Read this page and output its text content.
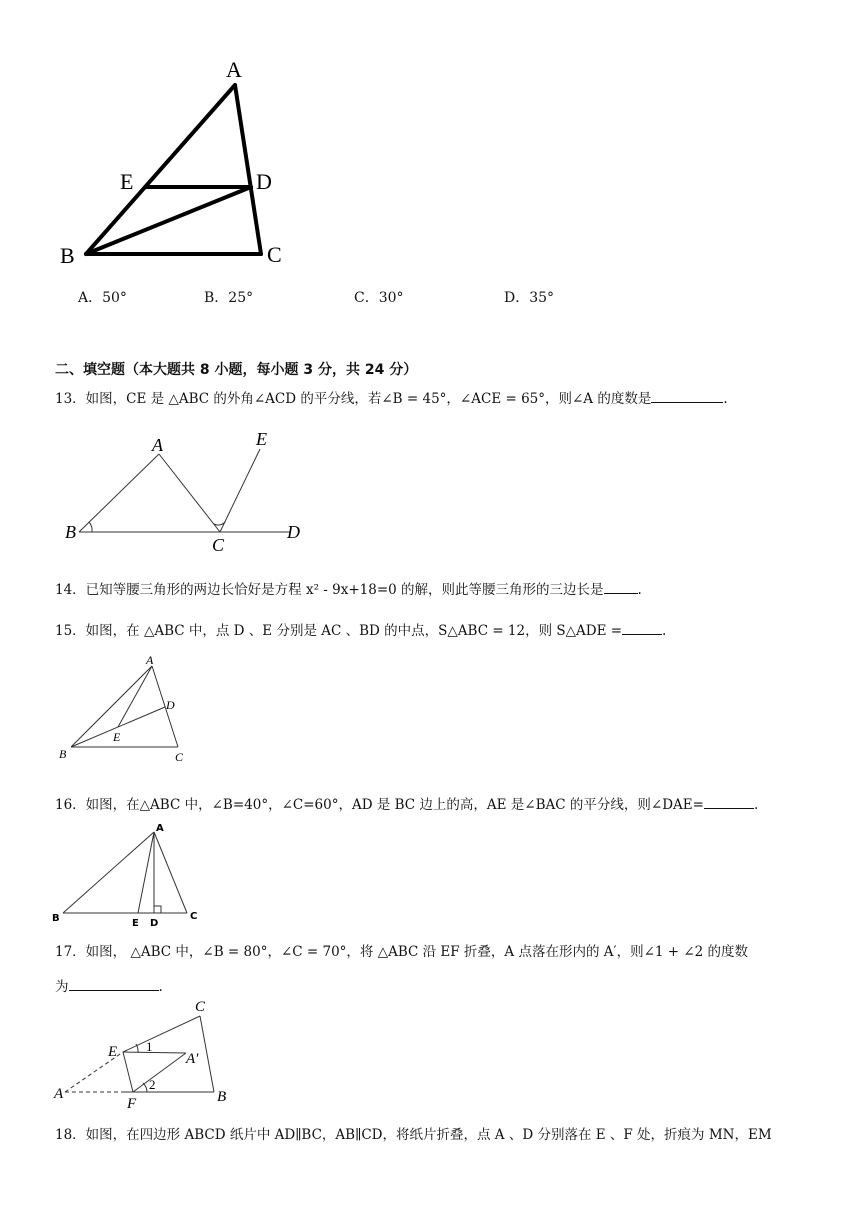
A
E	D
B	C
A．50°	B．25°	C．30°	D．35°
二、填空题（本大题共 8 小题，每小题 3 分，共 24 分）
13．如图，CE 是 △ABC 的外角∠ACD 的平分线，若∠B = 45°，∠ACE = 65°，则∠A 的度数是	.
A	E
B
C
D
14．已知等腰三角形的两边长恰好是方程 x² - 9x+18=0 的解，则此等腰三角形的三边长是	.
15．如图，在 △ABC 中，点 D 、E 分别是 AC 、BD 的中点，S△ABC = 12，则 S△ADE =	.
A
D
E
B	C
16．如图，在△ABC 中，∠B=40°，∠C=60°，AD 是 BC 边上的高，AE 是∠BAC 的平分线，则∠DAE=	.
A
B	E D
C
17．如图， △ABC 中，∠B = 80°，∠C = 70°，将 △ABC 沿 EF 折叠，A 点落在形内的 A′，则∠1 + ∠2 的度数
为	.
C
E 1
A′
A
2
F	B
18．如图，在四边形 ABCD 纸片中 AD∥BC，AB∥CD，将纸片折叠，点 A 、D 分别落在 E 、F 处，折痕为 MN，EM
